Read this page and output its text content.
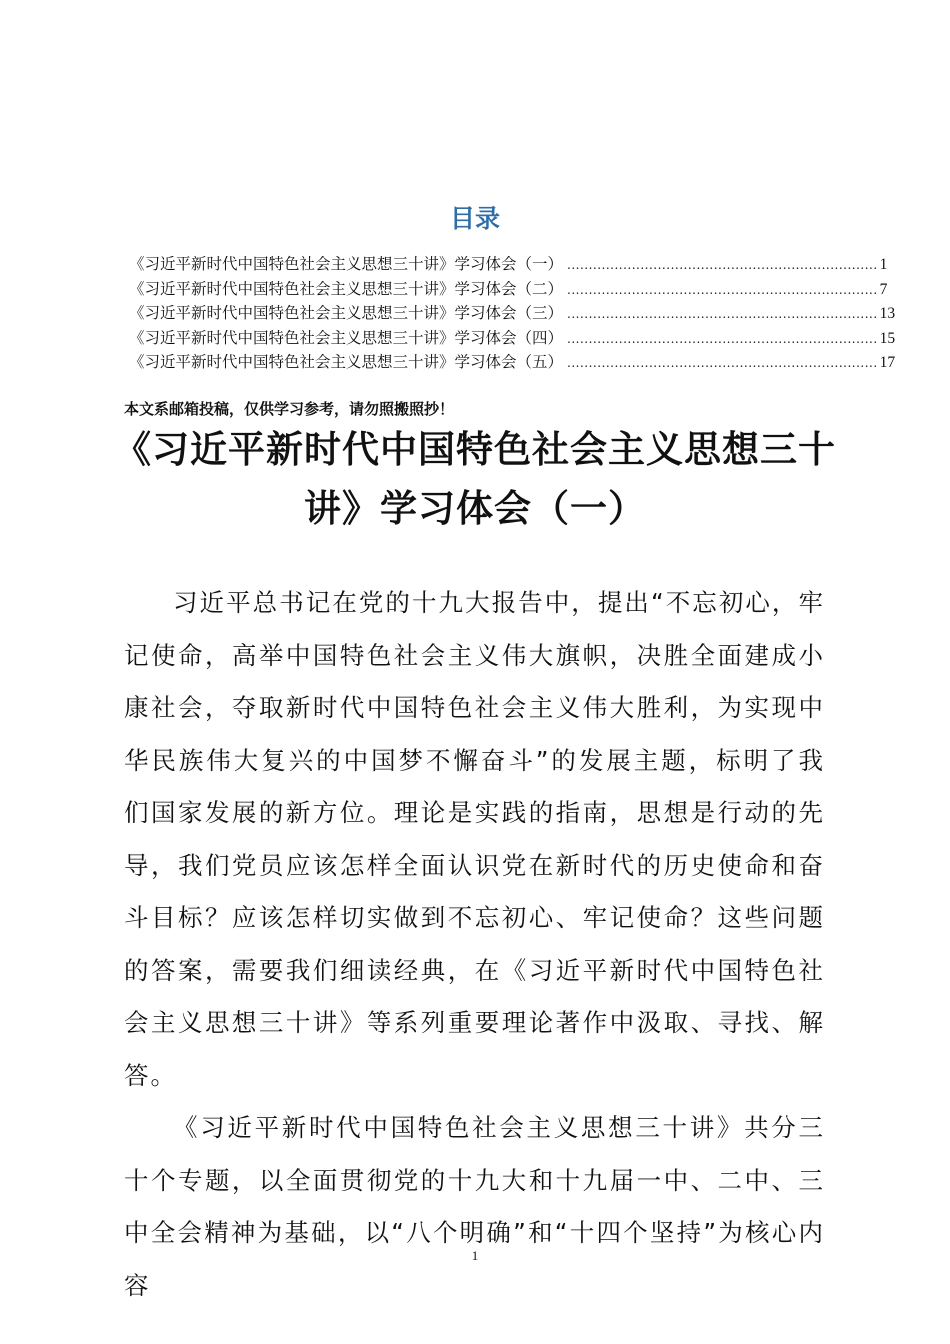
目录
《习近平新时代中国特色社会主义思想三十讲》学习体会（一） ........................................................................ 1
《习近平新时代中国特色社会主义思想三十讲》学习体会（二） ........................................................................ 7
《习近平新时代中国特色社会主义思想三十讲》学习体会（三） ........................................................................ 13
《习近平新时代中国特色社会主义思想三十讲》学习体会（四） ........................................................................ 15
《习近平新时代中国特色社会主义思想三十讲》学习体会（五） ........................................................................ 17
本文系邮箱投稿，仅供学习参考，请勿照搬照抄！
《习近平新时代中国特色社会主义思想三十讲》学习体会（一）

习近平总书记在党的十九大报告中，提出“不忘初心，牢记使命，高举中国特色社会主义伟大旗帜，决胜全面建成小康社会，夺取新时代中国特色社会主义伟大胜利，为实现中华民族伟大复兴的中国梦不懈奋斗”的发展主题，标明了我们国家发展的新方位。理论是实践的指南，思想是行动的先导，我们党员应该怎样全面认识党在新时代的历史使命和奋斗目标？应该怎样切实做到不忘初心、牢记使命？这些问题的答案，需要我们细读经典，在《习近平新时代中国特色社会主义思想三十讲》等系列重要理论著作中汲取、寻找、解答。

《习近平新时代中国特色社会主义思想三十讲》共分三十个专题，以全面贯彻党的十九大和十九届一中、二中、三中全会精神为基础，以“八个明确”和“十四个坚持”为核心内容

1
